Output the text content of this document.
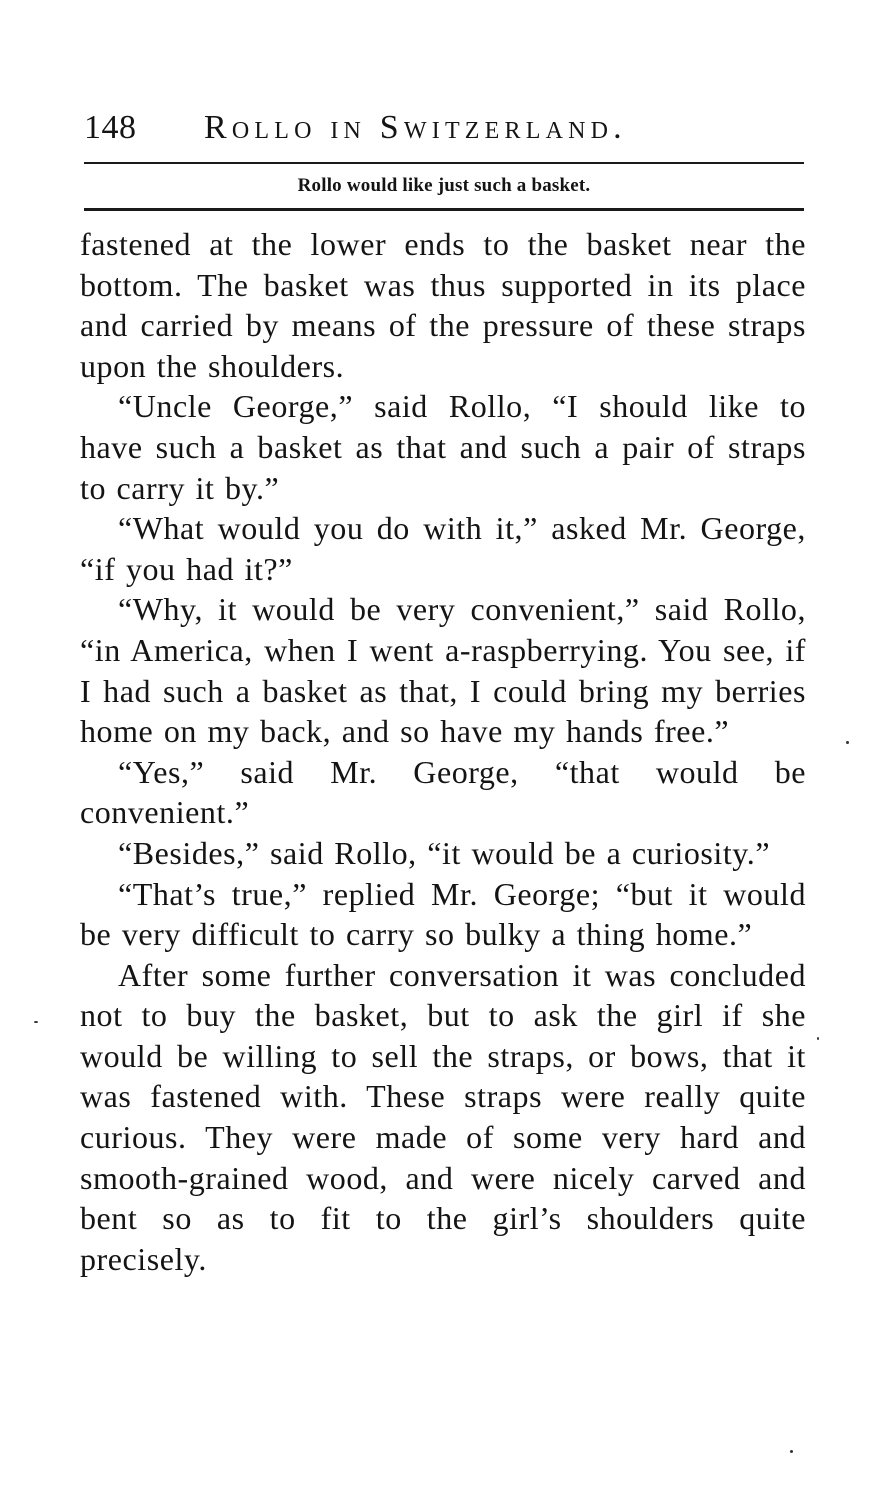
148 Rollo in Switzerland.
Rollo would like just such a basket.

fastened at the lower ends to the basket near the bottom. The basket was thus supported in its place and carried by means of the pressure of these straps upon the shoulders.

“Uncle George,” said Rollo, “I should like to have such a basket as that and such a pair of straps to carry it by.”

“What would you do with it,” asked Mr. George, “if you had it?”

“Why, it would be very convenient,” said Rollo, “in America, when I went a-raspberrying. You see, if I had such a basket as that, I could bring my berries home on my back, and so have my hands free.”

“Yes,” said Mr. George, “that would be convenient.”

“Besides,” said Rollo, “it would be a curiosity.”

“That’s true,” replied Mr. George; “but it would be very difficult to carry so bulky a thing home.”

After some further conversation it was concluded not to buy the basket, but to ask the girl if she would be willing to sell the straps, or bows, that it was fastened with. These straps were really quite curious. They were made of some very hard and smooth-grained wood, and were nicely carved and bent so as to fit to the girl’s shoulders quite precisely.
